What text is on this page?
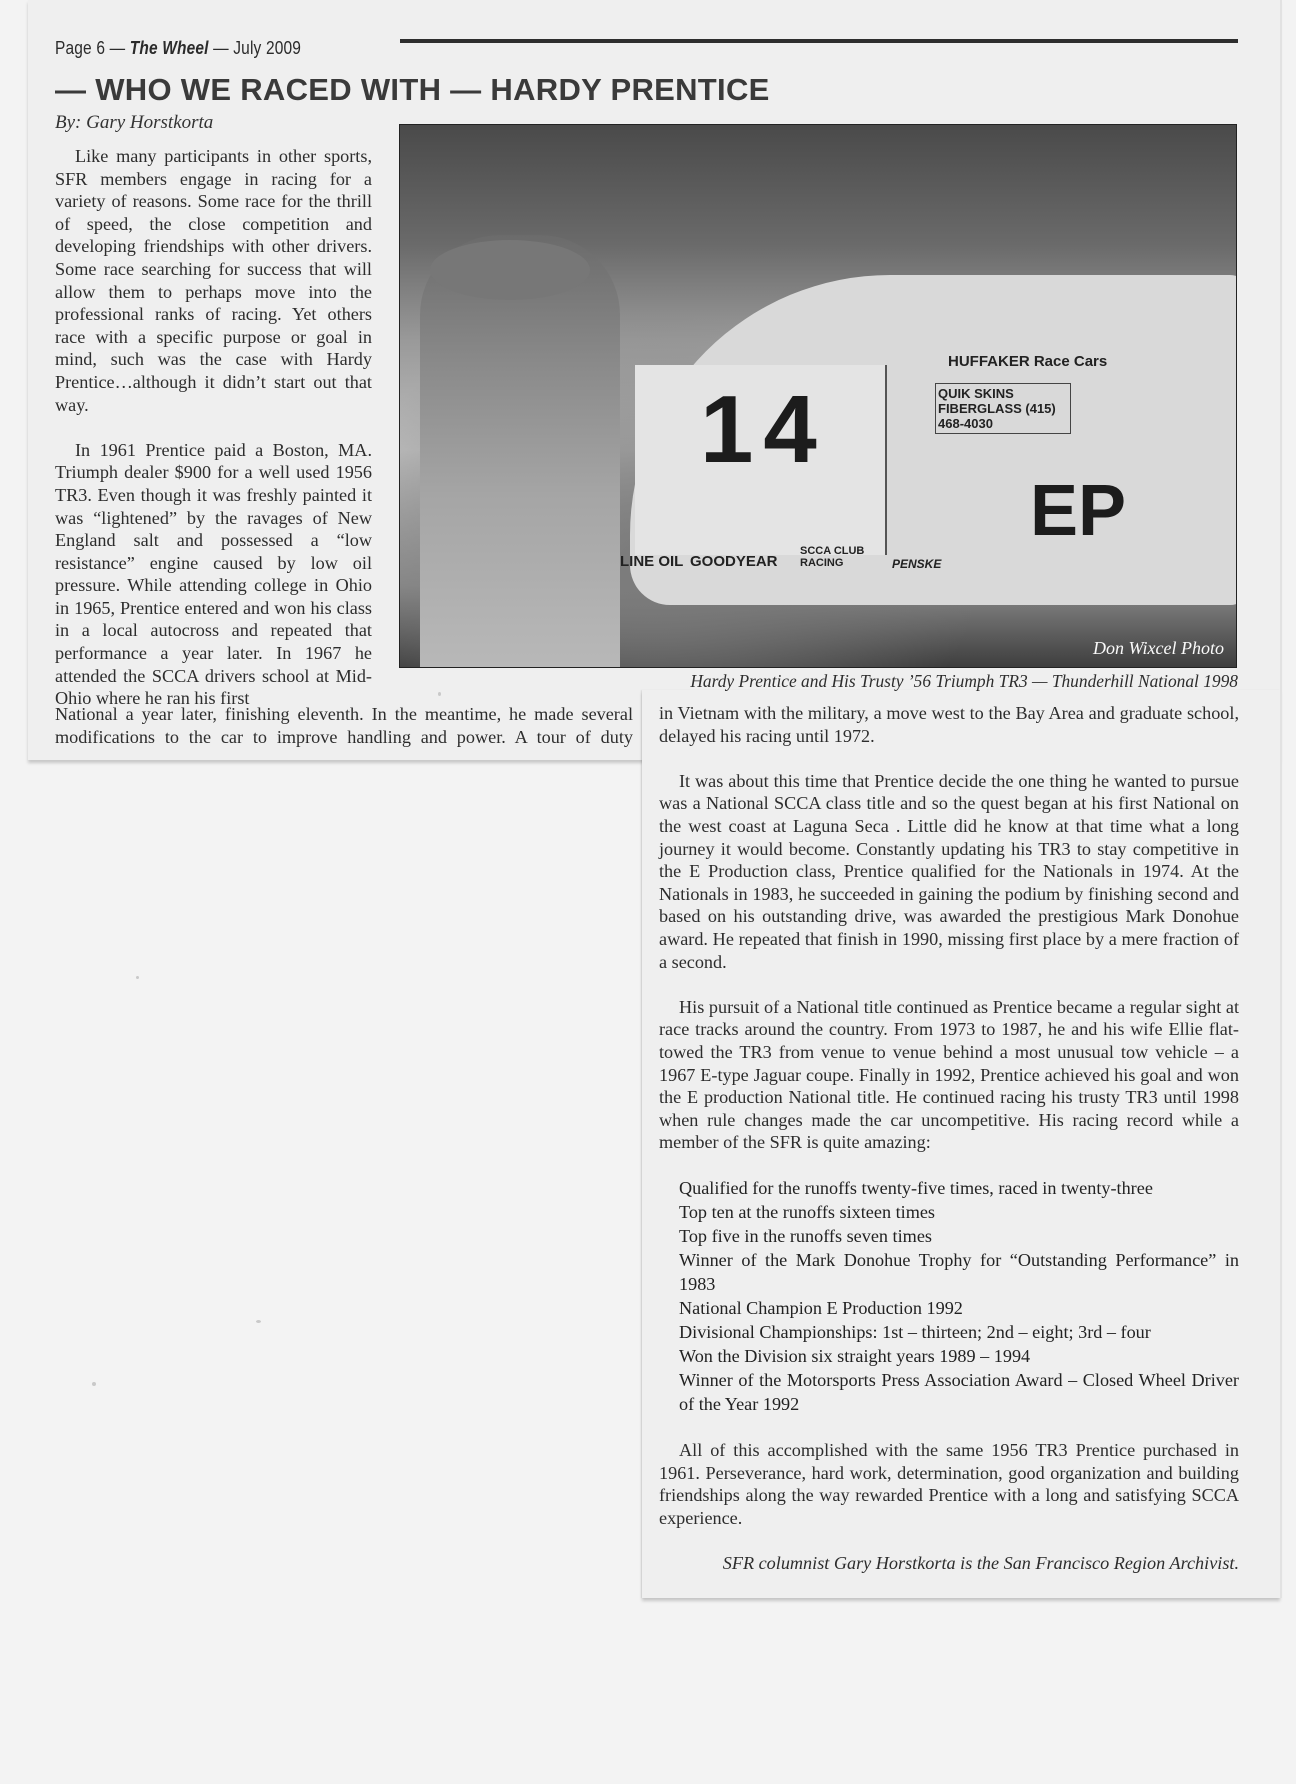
Page 6 — The Wheel — July 2009
— WHO WE RACED WITH — HARDY PRENTICE
By: Gary Horstkorta

Like many participants in other sports, SFR members engage in racing for a variety of reasons. Some race for the thrill of speed, the close competition and developing friendships with other drivers. Some race searching for success that will allow them to perhaps move into the professional ranks of racing. Yet others race with a specific purpose or goal in mind, such was the case with Hardy Prentice…although it didn’t start out that way.

In 1961 Prentice paid a Boston, MA. Triumph dealer $900 for a well used 1956 TR3. Even though it was freshly painted it was “lightened” by the ravages of New England salt and possessed a “low resistance” engine caused by low oil pressure. While attending college in Ohio in 1965, Prentice entered and won his class in a local autocross and repeated that performance a year later. In 1967 he attended the SCCA drivers school at Mid-Ohio where he ran his first

14
EP
HUFFAKER Race Cars
QUIK SKINS FIBERGLASS (415) 468-4030
LINE OIL GOODYEAR
SCCA CLUB RACING	PENSKE
Don Wixcel Photo
Hardy Prentice and His Trusty ’56 Triumph TR3 — Thunderhill National 1998
National a year later, finishing eleventh. In the meantime, he made several
modifications to the car to improve handling and power. A tour of duty

in Vietnam with the military, a move west to the Bay Area and graduate school, delayed his racing until 1972.

It was about this time that Prentice decide the one thing he wanted to pursue was a National SCCA class title and so the quest began at his first National on the west coast at Laguna Seca . Little did he know at that time what a long journey it would become. Constantly updating his TR3 to stay competitive in the E Production class, Prentice qualified for the Nationals in 1974. At the Nationals in 1983, he succeeded in gaining the podium by finishing second and based on his outstanding drive, was awarded the prestigious Mark Donohue award. He repeated that finish in 1990, missing first place by a mere fraction of a second.

His pursuit of a National title continued as Prentice became a regular sight at race tracks around the country. From 1973 to 1987, he and his wife Ellie flat-towed the TR3 from venue to venue behind a most unusual tow vehicle – a 1967 E-type Jaguar coupe. Finally in 1992, Prentice achieved his goal and won the E production National title. He continued racing his trusty TR3 until 1998 when rule changes made the car uncompetitive. His racing record while a member of the SFR is quite amazing:

Qualified for the runoffs twenty-five times, raced in twenty-three
Top ten at the runoffs sixteen times
Top five in the runoffs seven times
Winner of the Mark Donohue Trophy for “Outstanding Performance” in 1983
National Champion E Production 1992
Divisional Championships: 1st – thirteen; 2nd – eight; 3rd – four
Won the Division six straight years 1989 – 1994
Winner of the Motorsports Press Association Award – Closed Wheel Driver of the Year 1992

All of this accomplished with the same 1956 TR3 Prentice purchased in 1961. Perseverance, hard work, determination, good organization and building friendships along the way rewarded Prentice with a long and satisfying SCCA experience.

SFR columnist Gary Horstkorta is the San Francisco Region Archivist.
